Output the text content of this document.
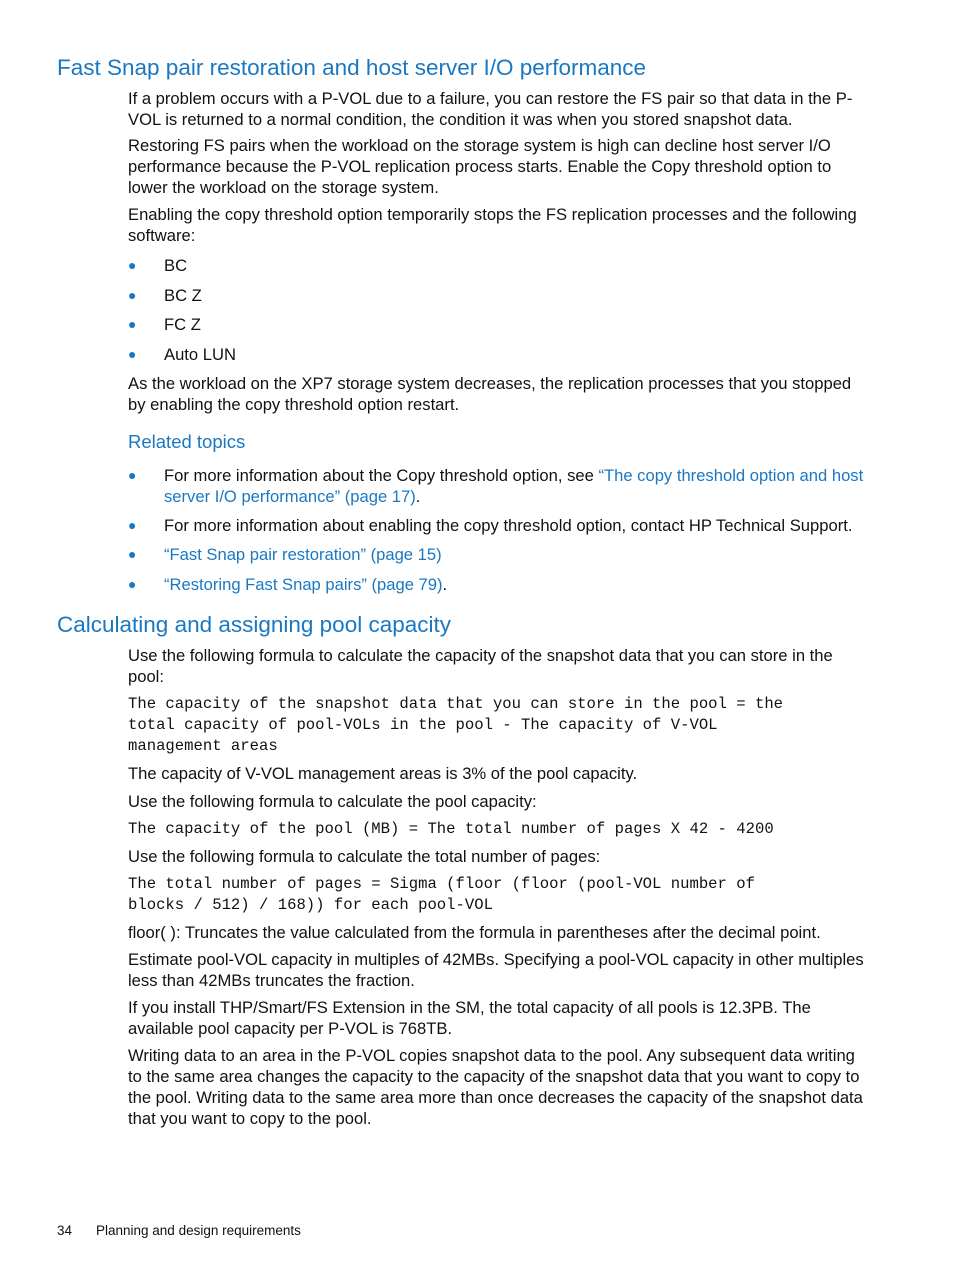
Fast Snap pair restoration and host server I/O performance

If a problem occurs with a P-VOL due to a failure, you can restore the FS pair so that data in the P-VOL is returned to a normal condition, the condition it was when you stored snapshot data.

Restoring FS pairs when the workload on the storage system is high can decline host server I/O performance because the P-VOL replication process starts. Enable the Copy threshold option to lower the workload on the storage system.

Enabling the copy threshold option temporarily stops the FS replication processes and the following software:

● BC
● BC Z
● FC Z
● Auto LUN

As the workload on the XP7 storage system decreases, the replication processes that you stopped by enabling the copy threshold option restart.

Related topics
● For more information about the Copy threshold option, see “The copy threshold option and host server I/O performance” (page 17).
● For more information about enabling the copy threshold option, contact HP Technical Support.
● “Fast Snap pair restoration” (page 15)
● “Restoring Fast Snap pairs” (page 79).
Calculating and assigning pool capacity

Use the following formula to calculate the capacity of the snapshot data that you can store in the pool:

The capacity of the snapshot data that you can store in the pool = the
total capacity of pool-VOLs in the pool - The capacity of V-VOL
management areas

The capacity of V-VOL management areas is 3% of the pool capacity.

Use the following formula to calculate the pool capacity:

The capacity of the pool (MB) = The total number of pages X 42 - 4200

Use the following formula to calculate the total number of pages:

The total number of pages = Sigma (floor (floor (pool-VOL number of
blocks / 512) / 168)) for each pool-VOL

floor( ): Truncates the value calculated from the formula in parentheses after the decimal point.

Estimate pool-VOL capacity in multiples of 42MBs. Specifying a pool-VOL capacity in other multiples less than 42MBs truncates the fraction.

If you install THP/Smart/FS Extension in the SM, the total capacity of all pools is 12.3PB. The available pool capacity per P-VOL is 768TB.

Writing data to an area in the P-VOL copies snapshot data to the pool. Any subsequent data writing to the same area changes the capacity to the capacity of the snapshot data that you want to copy to the pool. Writing data to the same area more than once decreases the capacity of the snapshot data that you want to copy to the pool.

34 Planning and design requirements
